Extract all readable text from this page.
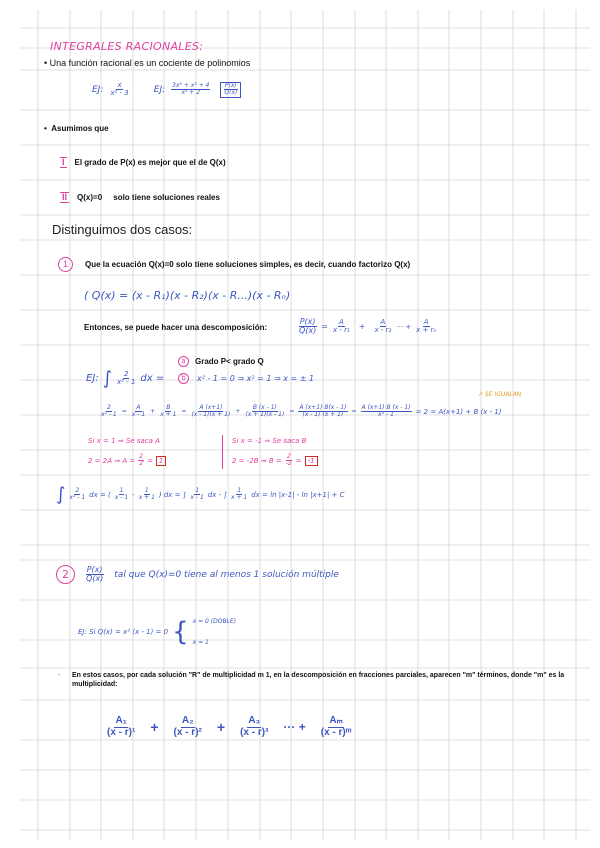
INTEGRALES RACIONALES:
• Una función racional es un cociente de polinomios
EJ: $\frac{x}{\text{x² - 3}}$	EJ: $\frac{\text{3x⁵ + x³ + 4}}{\text{x³ + 2}} \frac{P(x)}{Q(x)}$
•  Asumimos que
I El grado de P(x) es mejor que el de Q(x)
II Q(x)=0     solo tiene soluciones reales
Distinguimos dos casos:
1	Que la ecuación Q(x)=0 solo tiene soluciones simples, es decir, cuando factorizo Q(x)
( Q(x) = (x - R₁)(x - R₂)(x - R...)(x - Rₙ)
Entonces, se puede hacer una descomposición:	$\frac{P(x)}{Q(x)} = \frac{A}{\text{x - r₁}} + \frac{A}{\text{x - r₂}}$ ··· + $\frac{A}{\text{x + rₙ}}$
a	Grado P< grado Q
b	x² - 1 = 0 ⇒ x² = 1 ⇒ x = ± 1
EJ: ∫ $\frac{2}{\text{x² - 1}}$ dx =
↗ SE IGUALAN
$\frac{2}{\text{x² - 1}} = \frac{A}{x - 1} + \frac{B}{x + 1} = \frac{A (x+1)}{(x - 1)(x + 1)} + \frac{B (x - 1)}{(x + 1)(x - 1)} = \frac{A (x+1) B(x - 1)}{(x - 1) (x + 1)} = \frac{A (x+1) B (x - 1)}{\text{x² - 1}} = 2 = A(x+1) + B$ (x - 1)
Si x = 1 ⇒ Se saca A
2 = 2A ⇒ $A = \frac{2}{2} = 1$
Si x = -1 ⇒ Se saca B
2 = -2B ⇒ $B = \frac{2}{-2} = -1$
∫ $\frac{2}{\text{x² - 1}}$ dx = ( $\frac{1}{x - 1} - \frac{1}{x + 1}$ ) dx = ∫ $\frac{1}{x - 1}$ dx - ∫ $\frac{1}{x + 1}$ dx = ln |x-1| - ln |x+1| + C
2	$\frac{P(x)}{Q(x)}$ tal que Q(x)=0 tiene al menos 1 solución múltiple
EJ: Si Q(x) = x² (x - 1) = 0 { x = 0 (DOBLE)
x = 1
- En estos casos, por cada solución "R" de multiplicidad m 1, en la descomposición en fracciones parciales, aparecen "m" términos, donde "m" es la multiplicidad:
$\frac{\text{A₁}}{\text{(x - r)¹}} + \frac{\text{A₂}}{\text{(x - r)²}} + \frac{\text{A₃}}{\text{(x - r)³}}$ ··· + $\frac{\text{Aₘ}}{\text{(x - r)ᵐ}}$
